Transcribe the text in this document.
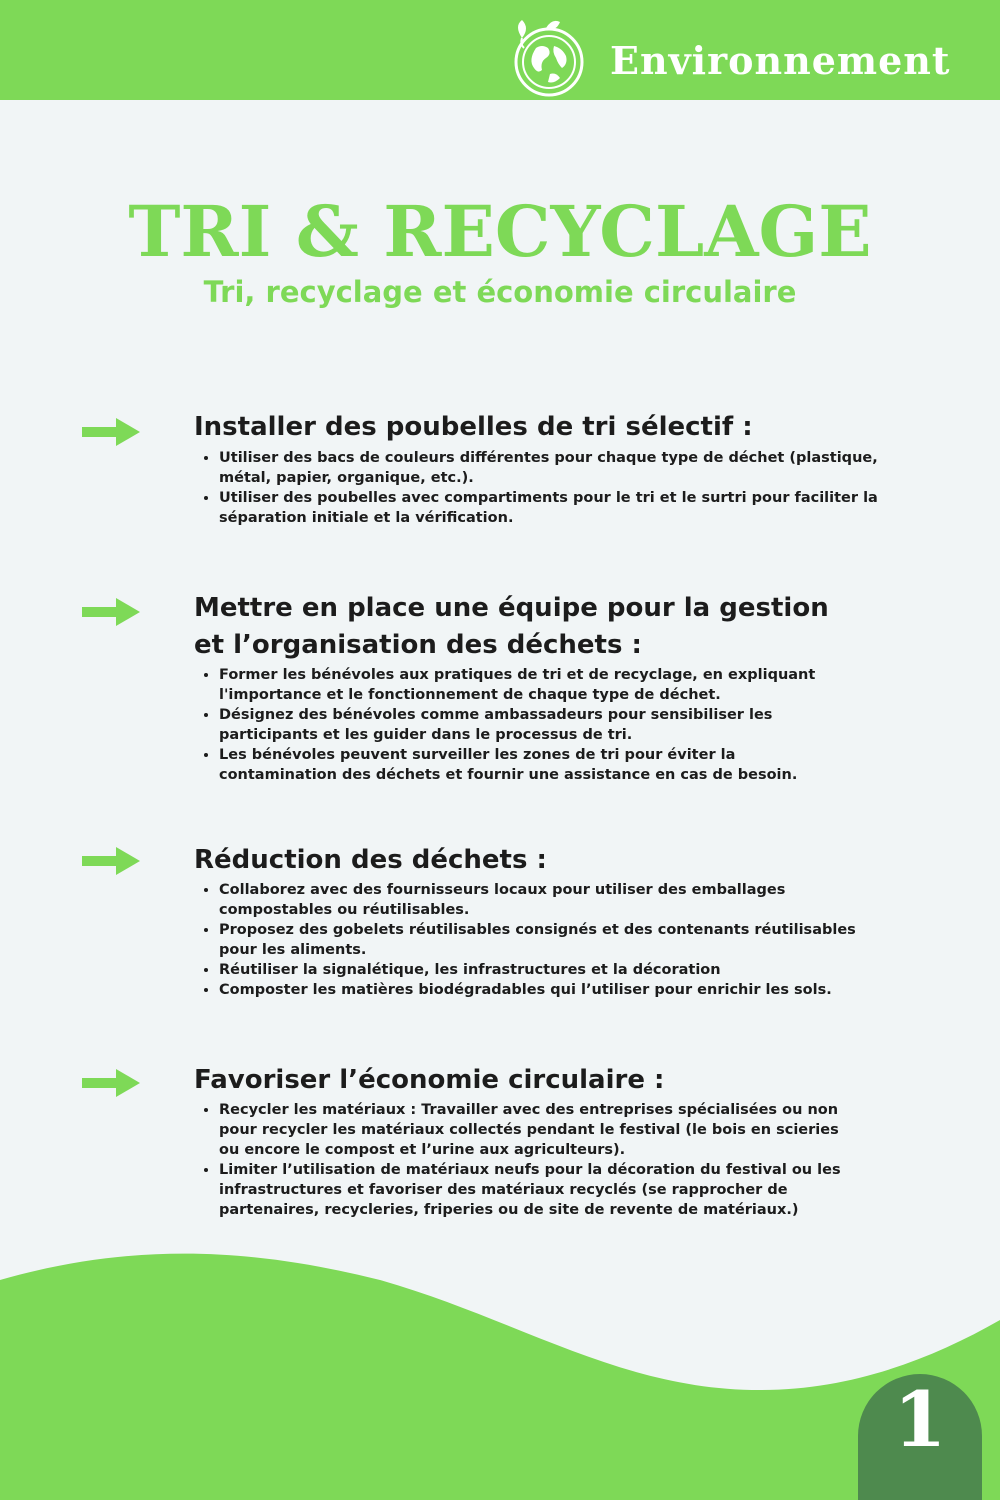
Environnement
TRI & RECYCLAGE
Tri, recyclage et économie circulaire
Installer des poubelles de tri sélectif :
Utiliser des bacs de couleurs différentes pour chaque type de déchet (plastique, métal, papier, organique, etc.).
Utiliser des poubelles avec compartiments pour le tri et le surtri pour faciliter la séparation initiale et la vérification.
Mettre en place une équipe pour la gestion et l’organisation des déchets :
Former les bénévoles aux pratiques de tri et de recyclage, en expliquant l'importance et le fonctionnement de chaque type de déchet.
Désignez des bénévoles comme ambassadeurs pour sensibiliser les participants et les guider dans le processus de tri.
Les bénévoles peuvent surveiller les zones de tri pour éviter la contamination des déchets et fournir une assistance en cas de besoin.
Réduction des déchets :
Collaborez avec des fournisseurs locaux pour utiliser des emballages compostables ou réutilisables.
Proposez des gobelets réutilisables consignés et des contenants réutilisables pour les aliments.
Réutiliser la signalétique, les infrastructures et la décoration
Composter les matières biodégradables qui l’utiliser pour enrichir les sols.
Favoriser l’économie circulaire :
Recycler les matériaux : Travailler avec des entreprises spécialisées ou non pour recycler les matériaux collectés pendant le festival (le bois en scieries ou encore le compost et l’urine aux agriculteurs).
Limiter l’utilisation de matériaux neufs pour la décoration du festival ou les infrastructures et favoriser des matériaux recyclés (se rapprocher de partenaires, recycleries, friperies ou de site de revente de matériaux.)
1
